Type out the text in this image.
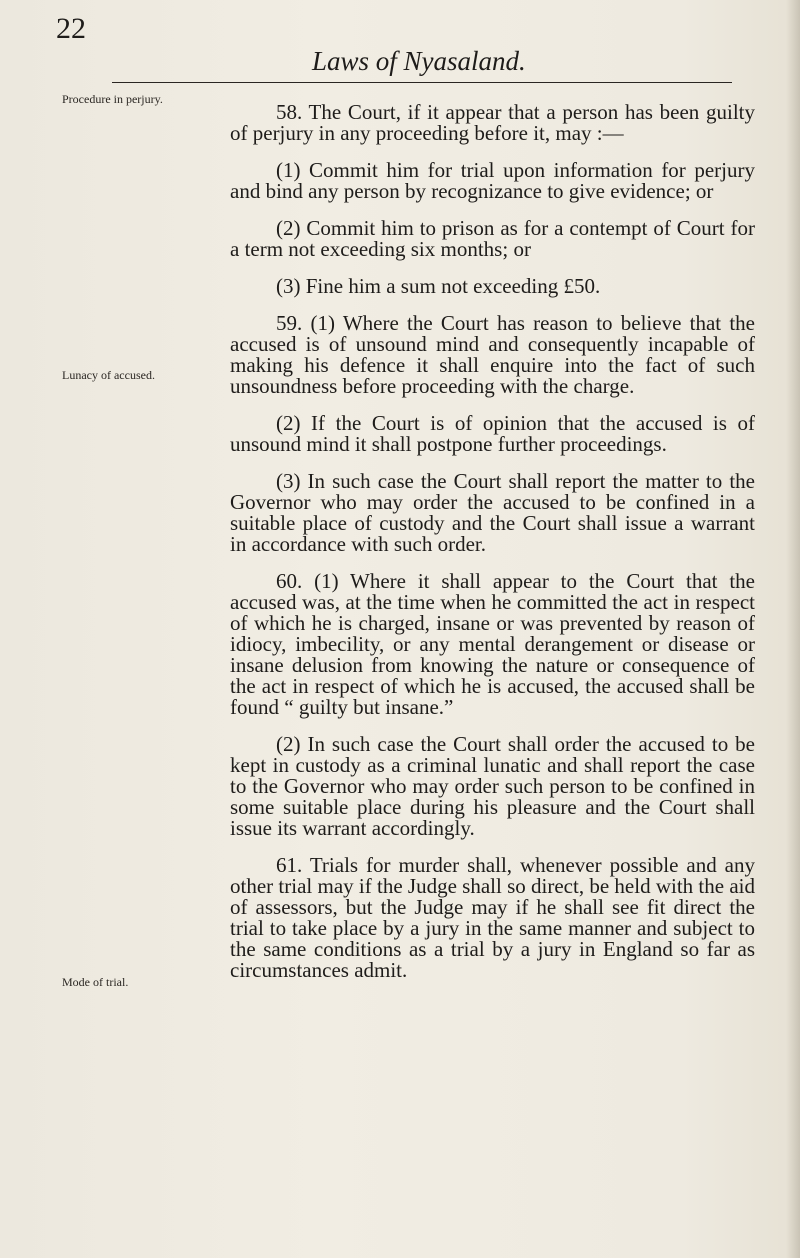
22
Laws of Nyasaland.
Procedure in perjury.
Lunacy of accused.
Mode of trial.

58. The Court, if it appear that a person has been guilty of perjury in any proceeding before it, may :—

(1) Commit him for trial upon information for perjury and bind any person by recognizance to give evidence; or

(2) Commit him to prison as for a contempt of Court for a term not exceeding six months; or

(3) Fine him a sum not exceeding £50.

59. (1) Where the Court has reason to believe that the accused is of unsound mind and consequently incapable of making his defence it shall enquire into the fact of such unsoundness before proceeding with the charge.

(2) If the Court is of opinion that the accused is of unsound mind it shall postpone further proceedings.

(3) In such case the Court shall report the matter to the Governor who may order the accused to be confined in a suitable place of custody and the Court shall issue a warrant in accordance with such order.

60. (1) Where it shall appear to the Court that the accused was, at the time when he committed the act in respect of which he is charged, insane or was prevented by reason of idiocy, imbecility, or any mental derangement or disease or insane delusion from knowing the nature or consequence of the act in respect of which he is accused, the accused shall be found “ guilty but insane.”

(2) In such case the Court shall order the accused to be kept in custody as a criminal lunatic and shall report the case to the Governor who may order such person to be confined in some suitable place during his pleasure and the Court shall issue its warrant accordingly.

61. Trials for murder shall, whenever possible and any other trial may if the Judge shall so direct, be held with the aid of assessors, but the Judge may if he shall see fit direct the trial to take place by a jury in the same manner and subject to the same conditions as a trial by a jury in England so far as circumstances admit.
